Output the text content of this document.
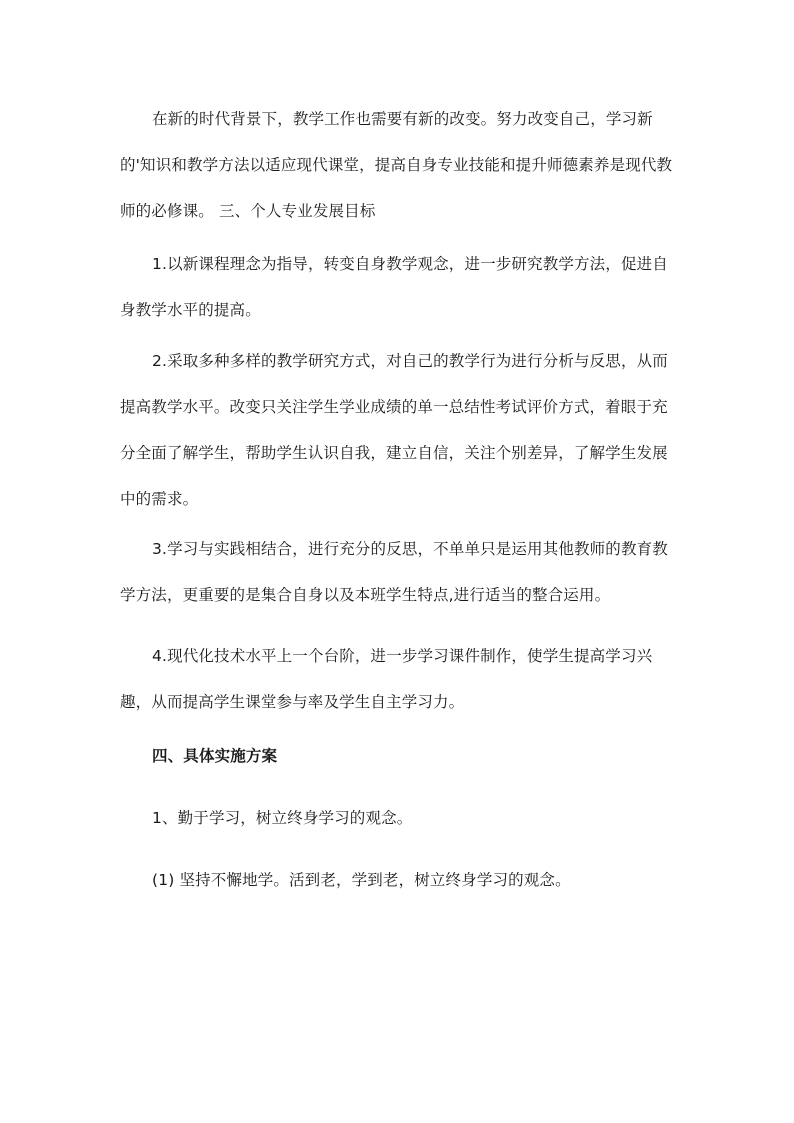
在新的时代背景下，教学工作也需要有新的改变。努力改变自己，学习新的'知识和教学方法以适应现代课堂，提高自身专业技能和提升师德素养是现代教师的必修课。 三、个人专业发展目标

1.以新课程理念为指导，转变自身教学观念，进一步研究教学方法，促进自身教学水平的提高。

2.采取多种多样的教学研究方式，对自己的教学行为进行分析与反思，从而提高教学水平。改变只关注学生学业成绩的单一总结性考试评价方式，着眼于充分全面了解学生，帮助学生认识自我，建立自信，关注个别差异，了解学生发展中的需求。

3.学习与实践相结合，进行充分的反思，不单单只是运用其他教师的教育教学方法，更重要的是集合自身以及本班学生特点,进行适当的整合运用。

4.现代化技术水平上一个台阶，进一步学习课件制作，使学生提高学习兴趣，从而提高学生课堂参与率及学生自主学习力。

四、具体实施方案

1、勤于学习，树立终身学习的观念。

(1) 坚持不懈地学。活到老，学到老，树立终身学习的观念。
